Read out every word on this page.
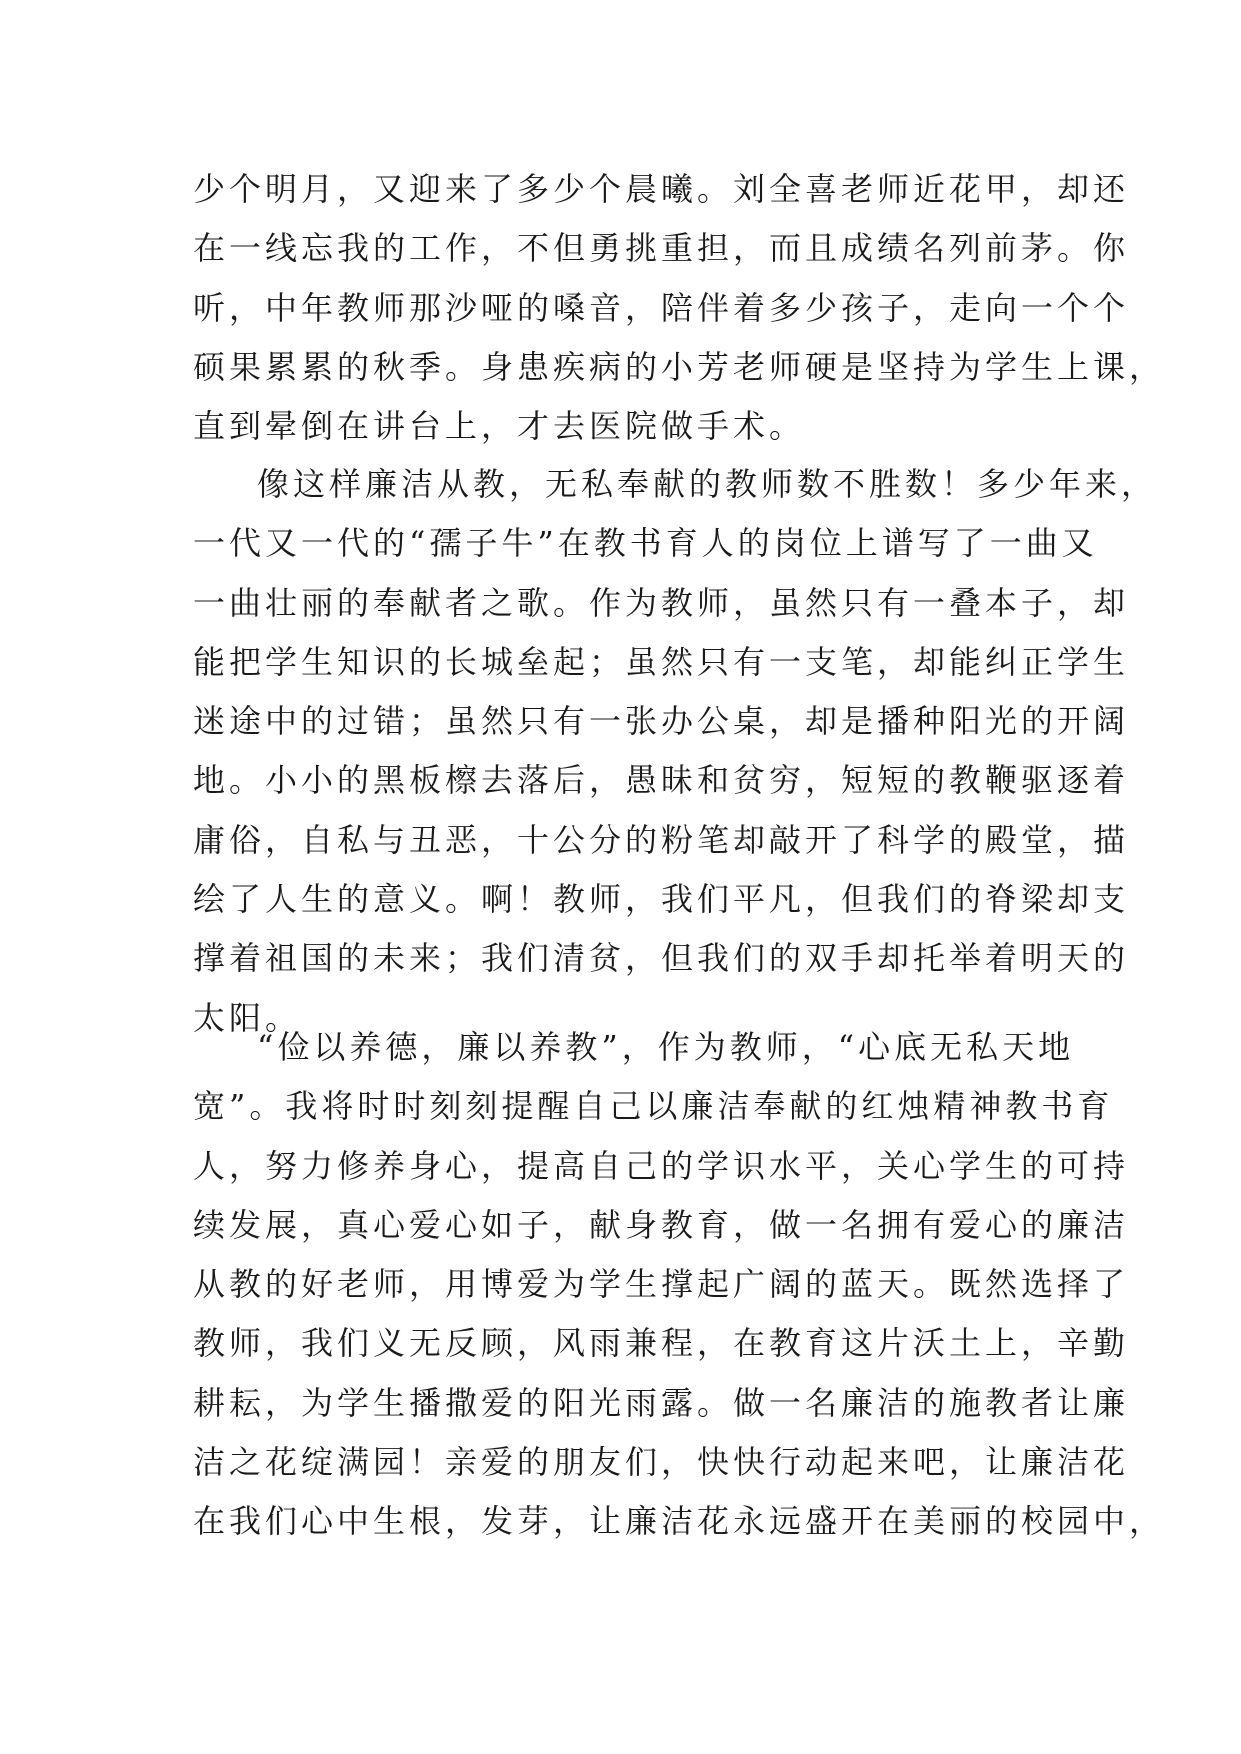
少个明月，又迎来了多少个晨曦。刘全喜老师近花甲，却还
在一线忘我的工作，不但勇挑重担，而且成绩名列前茅。你
听，中年教师那沙哑的嗓音，陪伴着多少孩子，走向一个个
硕果累累的秋季。身患疾病的小芳老师硬是坚持为学生上课，
直到晕倒在讲台上，才去医院做手术。
像这样廉洁从教，无私奉献的教师数不胜数！多少年来，
一代又一代的“孺子牛”在教书育人的岗位上谱写了一曲又
一曲壮丽的奉献者之歌。作为教师，虽然只有一叠本子，却
能把学生知识的长城垒起；虽然只有一支笔，却能纠正学生
迷途中的过错；虽然只有一张办公桌，却是播种阳光的开阔
地。小小的黑板檫去落后，愚昧和贫穷，短短的教鞭驱逐着
庸俗，自私与丑恶，十公分的粉笔却敲开了科学的殿堂，描
绘了人生的意义。啊！教师，我们平凡，但我们的脊梁却支
撑着祖国的未来；我们清贫，但我们的双手却托举着明天的
太阳。
“俭以养德，廉以养教”，作为教师，“心底无私天地
宽”。我将时时刻刻提醒自己以廉洁奉献的红烛精神教书育
人，努力修养身心，提高自己的学识水平，关心学生的可持
续发展，真心爱心如子，献身教育，做一名拥有爱心的廉洁
从教的好老师，用博爱为学生撑起广阔的蓝天。既然选择了
教师，我们义无反顾，风雨兼程，在教育这片沃土上，辛勤
耕耘，为学生播撒爱的阳光雨露。做一名廉洁的施教者让廉
洁之花绽满园！亲爱的朋友们，快快行动起来吧，让廉洁花
在我们心中生根，发芽，让廉洁花永远盛开在美丽的校园中，
